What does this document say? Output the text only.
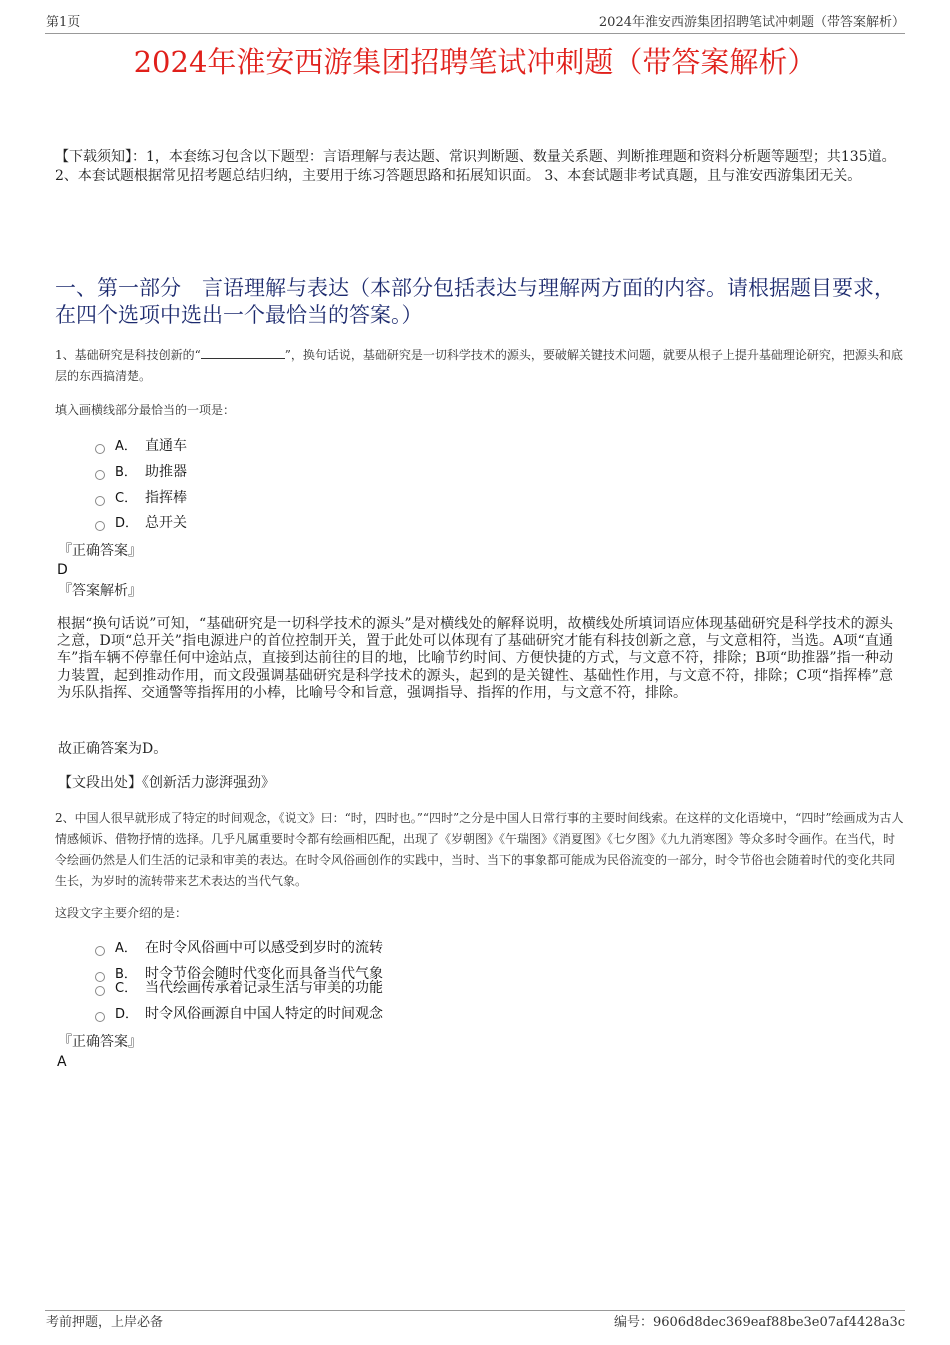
第1页	2024年淮安西游集团招聘笔试冲刺题（带答案解析）
2024年淮安西游集团招聘笔试冲刺题（带答案解析）
【下载须知】：1，本套练习包含以下题型：言语理解与表达题、常识判断题、数量关系题、判断推理题和资料分析题等题型；共135道。 2、本套试题根据常见招考题总结归纳，主要用于练习答题思路和拓展知识面。 3、本套试题非考试真题，且与淮安西游集团无关。
一、第一部分　言语理解与表达（本部分包括表达与理解两方面的内容。请根据题目要求，在四个选项中选出一个最恰当的答案。）
1、基础研究是科技创新的“	”，换句话说，基础研究是一切科学技术的源头，要破解关键技术问题，就要从根子上提升基础理论研究，把源头和底层的东西搞清楚。
填入画横线部分最恰当的一项是：
A． 直通车
B． 助推器
C． 指挥棒
D． 总开关
『正确答案』
D
『答案解析』
根据“换句话说”可知，“基础研究是一切科学技术的源头”是对横线处的解释说明，故横线处所填词语应体现基础研究是科学技术的源头之意，D项“总开关”指电源进户的首位控制开关，置于此处可以体现有了基础研究才能有科技创新之意，与文意相符，当选。A项“直通车”指车辆不停靠任何中途站点，直接到达前往的目的地，比喻节约时间、方便快捷的方式，与文意不符，排除；B项“助推器”指一种动力装置，起到推动作用，而文段强调基础研究是科学技术的源头，起到的是关键性、基础性作用，与文意不符，排除；C项“指挥棒”意为乐队指挥、交通警等指挥用的小棒，比喻号令和旨意，强调指导、指挥的作用，与文意不符，排除。
故正确答案为D。
【文段出处】《创新活力澎湃强劲》
2、中国人很早就形成了特定的时间观念，《说文》曰：“时，四时也。”“四时”之分是中国人日常行事的主要时间线索。在这样的文化语境中，“四时”绘画成为古人情感倾诉、借物抒情的选择。几乎凡属重要时令都有绘画相匹配，出现了《岁朝图》《午瑞图》《消夏图》《七夕图》《九九消寒图》等众多时令画作。在当代，时令绘画仍然是人们生活的记录和审美的表达。在时令风俗画创作的实践中，当时、当下的事象都可能成为民俗流变的一部分，时令节俗也会随着时代的变化共同生长，为岁时的流转带来艺术表达的当代气象。
这段文字主要介绍的是：
A． 在时令风俗画中可以感受到岁时的流转
B． 时令节俗会随时代变化而具备当代气象
C． 当代绘画传承着记录生活与审美的功能
D． 时令风俗画源自中国人特定的时间观念
『正确答案』
A
考前押题，上岸必备	编号：9606d8dec369eaf88be3e07af4428a3c
